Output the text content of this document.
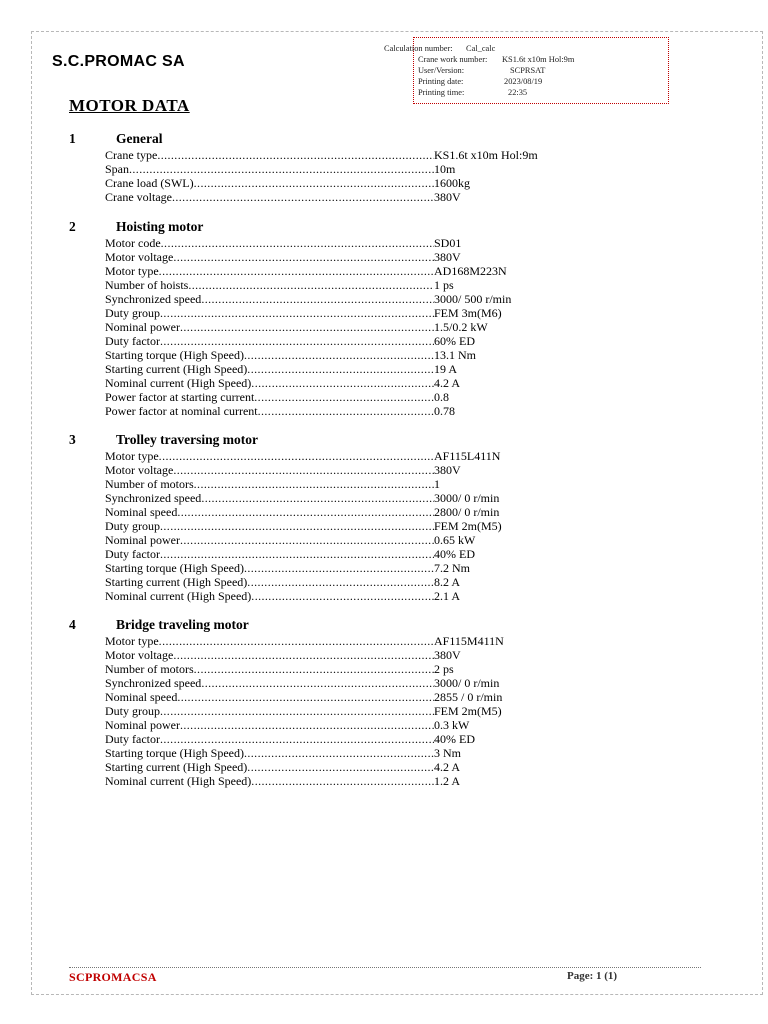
S.C.PROMAC SA
Calculation number: Cal_calc
Crane work number: KS1.6t x10m Hol:9m
User/Version:	SCPRSAT
Printing date:	2023/08/19
Printing time:	22:35
MOTOR DATA
1	General
Crane type .....	KS1.6t x10m Hol:9m
Span .....	10m
Crane load (SWL) .....	1600kg
Crane voltage .....	380V
2	Hoisting motor
Motor code .....	SD01
Motor voltage .....	380V
Motor type .....	AD168M223N
Number of hoists .....	1 ps
Synchronized speed .....	3000/ 500 r/min
Duty group .....	FEM 3m(M6)
Nominal power .....	1.5/0.2 kW
Duty factor .....	60% ED
Starting torque (High Speed) .....	13.1 Nm
Starting current (High Speed) .....	19 A
Nominal current (High Speed) .....	4.2 A
Power factor at starting current .....	0.8
Power factor at nominal current .....	0.78
3	Trolley traversing motor
Motor type .....	AF115L411N
Motor voltage .....	380V
Number of motors .....	1
Synchronized speed .....	3000/ 0 r/min
Nominal speed .....	2800/ 0 r/min
Duty group .....	FEM 2m(M5)
Nominal power .....	0.65 kW
Duty factor .....	40% ED
Starting torque (High Speed) .....	7.2 Nm
Starting current (High Speed) .....	8.2 A
Nominal current (High Speed) .....	2.1 A
4	Bridge traveling motor
Motor type .....	AF115M411N
Motor voltage .....	380V
Number of motors .....	2 ps
Synchronized speed .....	3000/ 0 r/min
Nominal speed .....	2855 / 0 r/min
Duty group .....	FEM 2m(M5)
Nominal power .....	0.3 kW
Duty factor .....	40% ED
Starting torque (High Speed) .....	3 Nm
Starting current (High Speed) .....	4.2 A
Nominal current (High Speed) .....	1.2 A
SCPROMACSA	Page: 1 (1)
